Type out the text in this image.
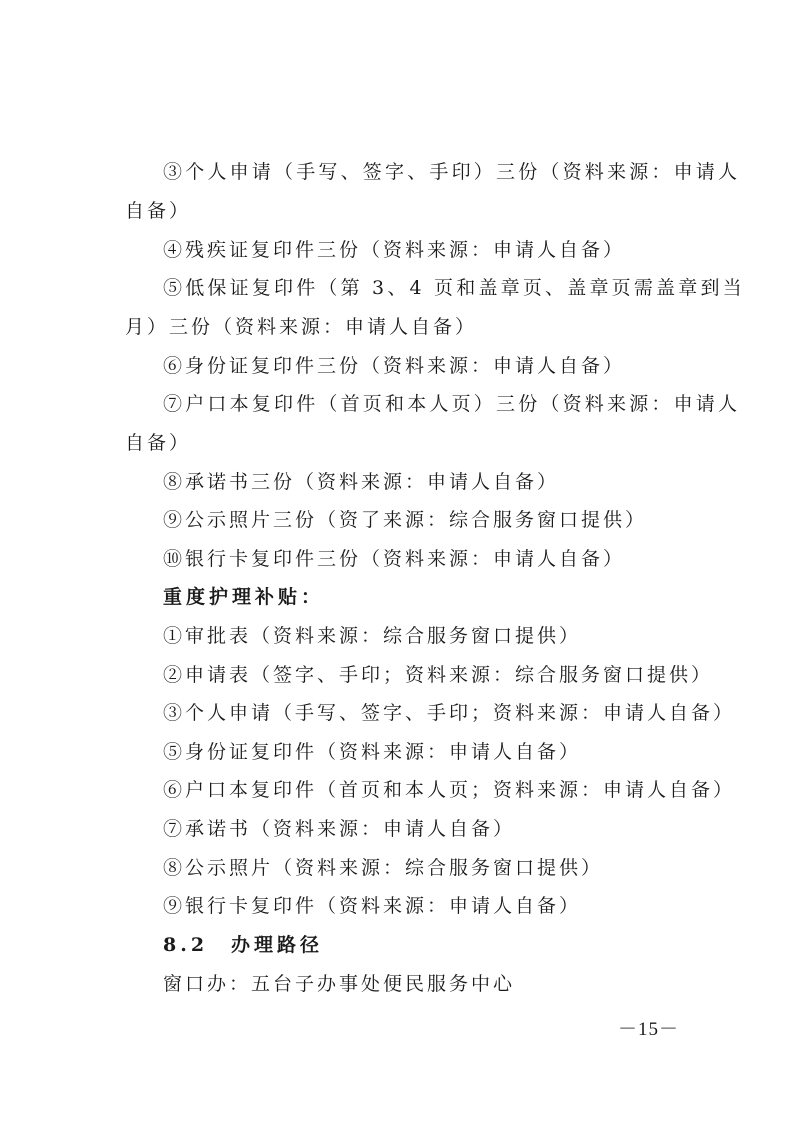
③个人申请（手写、签字、手印）三份（资料来源：申请人
自备）
④残疾证复印件三份（资料来源：申请人自备）
⑤低保证复印件（第 3、4 页和盖章页、盖章页需盖章到当
月）三份（资料来源：申请人自备）
⑥身份证复印件三份（资料来源：申请人自备）
⑦户口本复印件（首页和本人页）三份（资料来源：申请人
自备）
⑧承诺书三份（资料来源：申请人自备）
⑨公示照片三份（资了来源：综合服务窗口提供）
⑩银行卡复印件三份（资料来源：申请人自备）
重度护理补贴：
①审批表（资料来源：综合服务窗口提供）
②申请表（签字、手印；资料来源：综合服务窗口提供）
③个人申请（手写、签字、手印；资料来源：申请人自备）
⑤身份证复印件（资料来源：申请人自备）
⑥户口本复印件（首页和本人页；资料来源：申请人自备）
⑦承诺书（资料来源：申请人自备）
⑧公示照片（资料来源：综合服务窗口提供）
⑨银行卡复印件（资料来源：申请人自备）
8.2　办理路径
窗口办：五台子办事处便民服务中心
－15－
